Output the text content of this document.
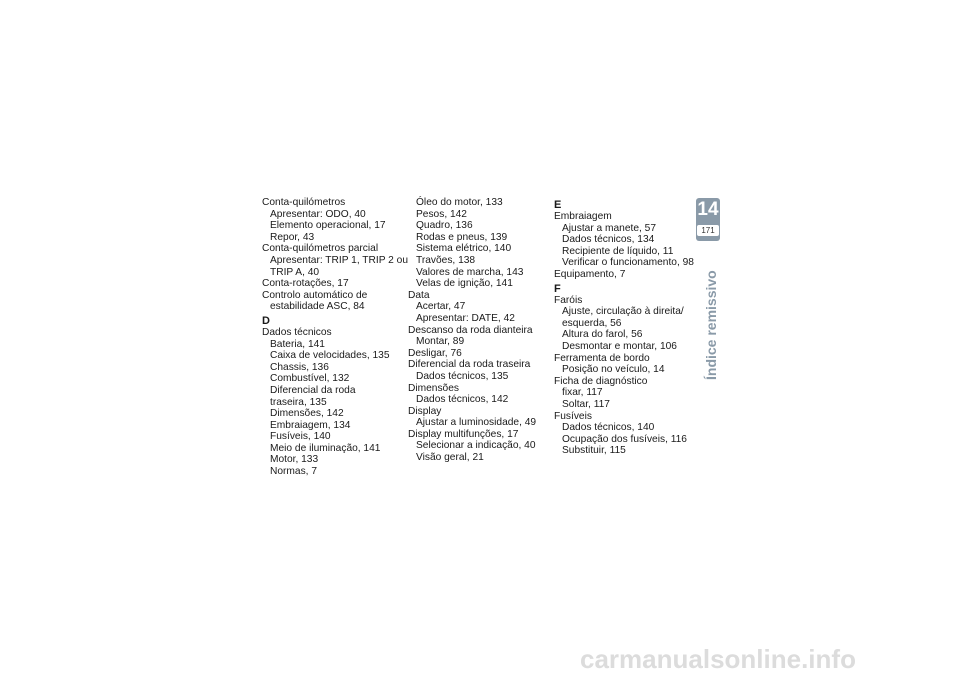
Conta-quilómetros
Apresentar: ODO, 40
Elemento operacional, 17
Repor, 43
Conta-quilómetros parcial
Apresentar: TRIP 1, TRIP 2 ou
TRIP A, 40
Conta-rotações, 17
Controlo automático de
estabilidade ASC, 84
D
Dados técnicos
Bateria, 141
Caixa de velocidades, 135
Chassis, 136
Combustível, 132
Diferencial da roda
traseira, 135
Dimensões, 142
Embraiagem, 134
Fusíveis, 140
Meio de iluminação, 141
Motor, 133
Normas, 7
Óleo do motor, 133
Pesos, 142
Quadro, 136
Rodas e pneus, 139
Sistema elétrico, 140
Travões, 138
Valores de marcha, 143
Velas de ignição, 141
Data
Acertar, 47
Apresentar: DATE, 42
Descanso da roda dianteira
Montar, 89
Desligar, 76
Diferencial da roda traseira
Dados técnicos, 135
Dimensões
Dados técnicos, 142
Display
Ajustar a luminosidade, 49
Display multifunções, 17
Selecionar a indicação, 40
Visão geral, 21
E
Embraiagem
Ajustar a manete, 57
Dados técnicos, 134
Recipiente de líquido, 11
Verificar o funcionamento, 98
Equipamento, 7
F
Faróis
Ajuste, circulação à direita/
esquerda, 56
Altura do farol, 56
Desmontar e montar, 106
Ferramenta de bordo
Posição no veículo, 14
Ficha de diagnóstico
fixar, 117
Soltar, 117
Fusíveis
Dados técnicos, 140
Ocupação dos fusíveis, 116
Substituir, 115
14
171
Índice remissivo
carmanualsonline.info
